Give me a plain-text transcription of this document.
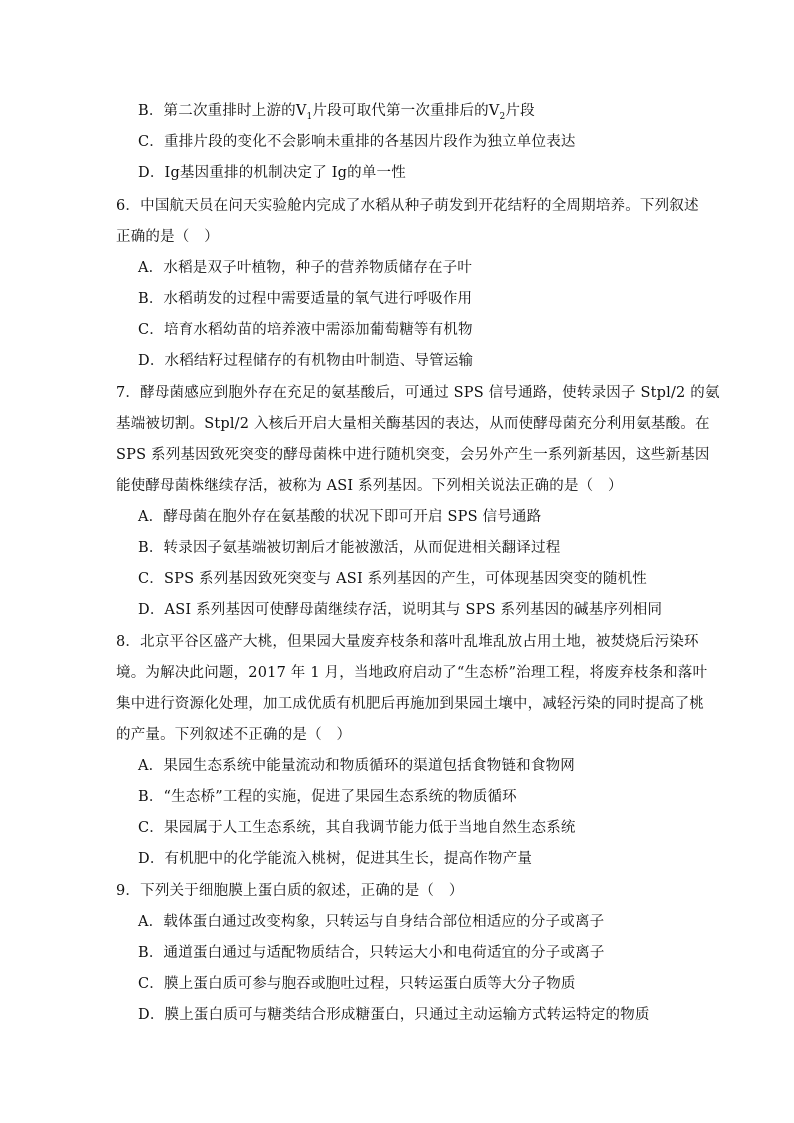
B．第二次重排时上游的$V_1$片段可取代第一次重排后的$V_2$片段
C．重排片段的变化不会影响未重排的各基因片段作为独立单位表达
D．Ig基因重排的机制决定了 Ig的单一性
6．中国航天员在问天实验舱内完成了水稻从种子萌发到开花结籽的全周期培养。下列叙述
正确的是（　）
A．水稻是双子叶植物，种子的营养物质储存在子叶
B．水稻萌发的过程中需要适量的氧气进行呼吸作用
C．培育水稻幼苗的培养液中需添加葡萄糖等有机物
D．水稻结籽过程储存的有机物由叶制造、导管运输
7．酵母菌感应到胞外存在充足的氨基酸后，可通过 SPS 信号通路，使转录因子 Stpl/2 的氨
基端被切割。Stpl/2 入核后开启大量相关酶基因的表达，从而使酵母菌充分利用氨基酸。在
SPS 系列基因致死突变的酵母菌株中进行随机突变，会另外产生一系列新基因，这些新基因
能使酵母菌株继续存活，被称为 ASI 系列基因。下列相关说法正确的是（　）
A．酵母菌在胞外存在氨基酸的状况下即可开启 SPS 信号通路
B．转录因子氨基端被切割后才能被激活，从而促进相关翻译过程
C．SPS 系列基因致死突变与 ASI 系列基因的产生，可体现基因突变的随机性
D．ASI 系列基因可使酵母菌继续存活，说明其与 SPS 系列基因的碱基序列相同
8．北京平谷区盛产大桃，但果园大量废弃枝条和落叶乱堆乱放占用土地，被焚烧后污染环
境。为解决此问题，2017 年 1 月，当地政府启动了“生态桥”治理工程，将废弃枝条和落叶
集中进行资源化处理，加工成优质有机肥后再施加到果园土壤中，减轻污染的同时提高了桃
的产量。下列叙述不正确的是（　）
A．果园生态系统中能量流动和物质循环的渠道包括食物链和食物网
B．“生态桥”工程的实施，促进了果园生态系统的物质循环
C．果园属于人工生态系统，其自我调节能力低于当地自然生态系统
D．有机肥中的化学能流入桃树，促进其生长，提高作物产量
9．下列关于细胞膜上蛋白质的叙述，正确的是（　）
A．载体蛋白通过改变构象，只转运与自身结合部位相适应的分子或离子
B．通道蛋白通过与适配物质结合，只转运大小和电荷适宜的分子或离子
C．膜上蛋白质可参与胞吞或胞吐过程，只转运蛋白质等大分子物质
D．膜上蛋白质可与糖类结合形成糖蛋白，只通过主动运输方式转运特定的物质
